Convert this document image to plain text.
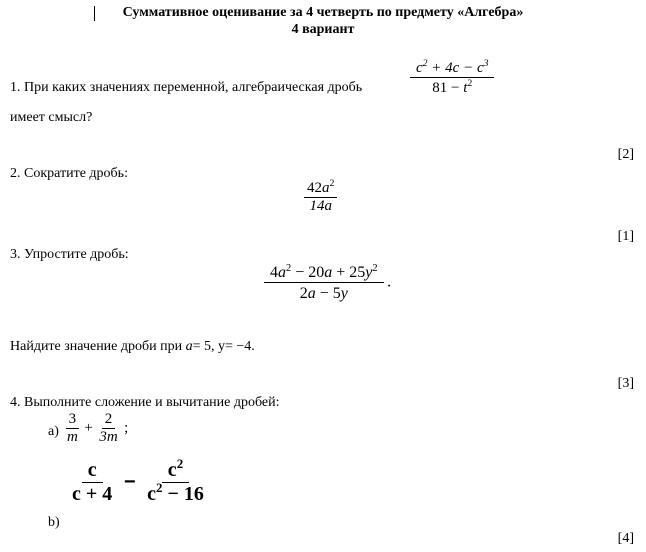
Суммативное оценивание за 4 четверть по предмету «Алгебра»
4 вариант
1. При каких значениях переменной, алгебраическая дробь	$\frac{c^2 + 4c - c^3}{81 - t^2}$
имеет смысл?
[2]
2. Сократите дробь:
$\frac{42a^2}{14a}$
[1]
3. Упростите дробь:
$\frac{4a^2 - 20a + 25y^2}{2a - 5y}$ .
Найдите значение дроби при a= 5, y= −4.
[3]
4. Выполните сложение и вычитание дробей:
$a) \frac{3}{m} + \frac{2}{3m}$ ;
$\frac{c}{c + 4} - \frac{c^2}{c^2 - 16}$
b)
[4]
